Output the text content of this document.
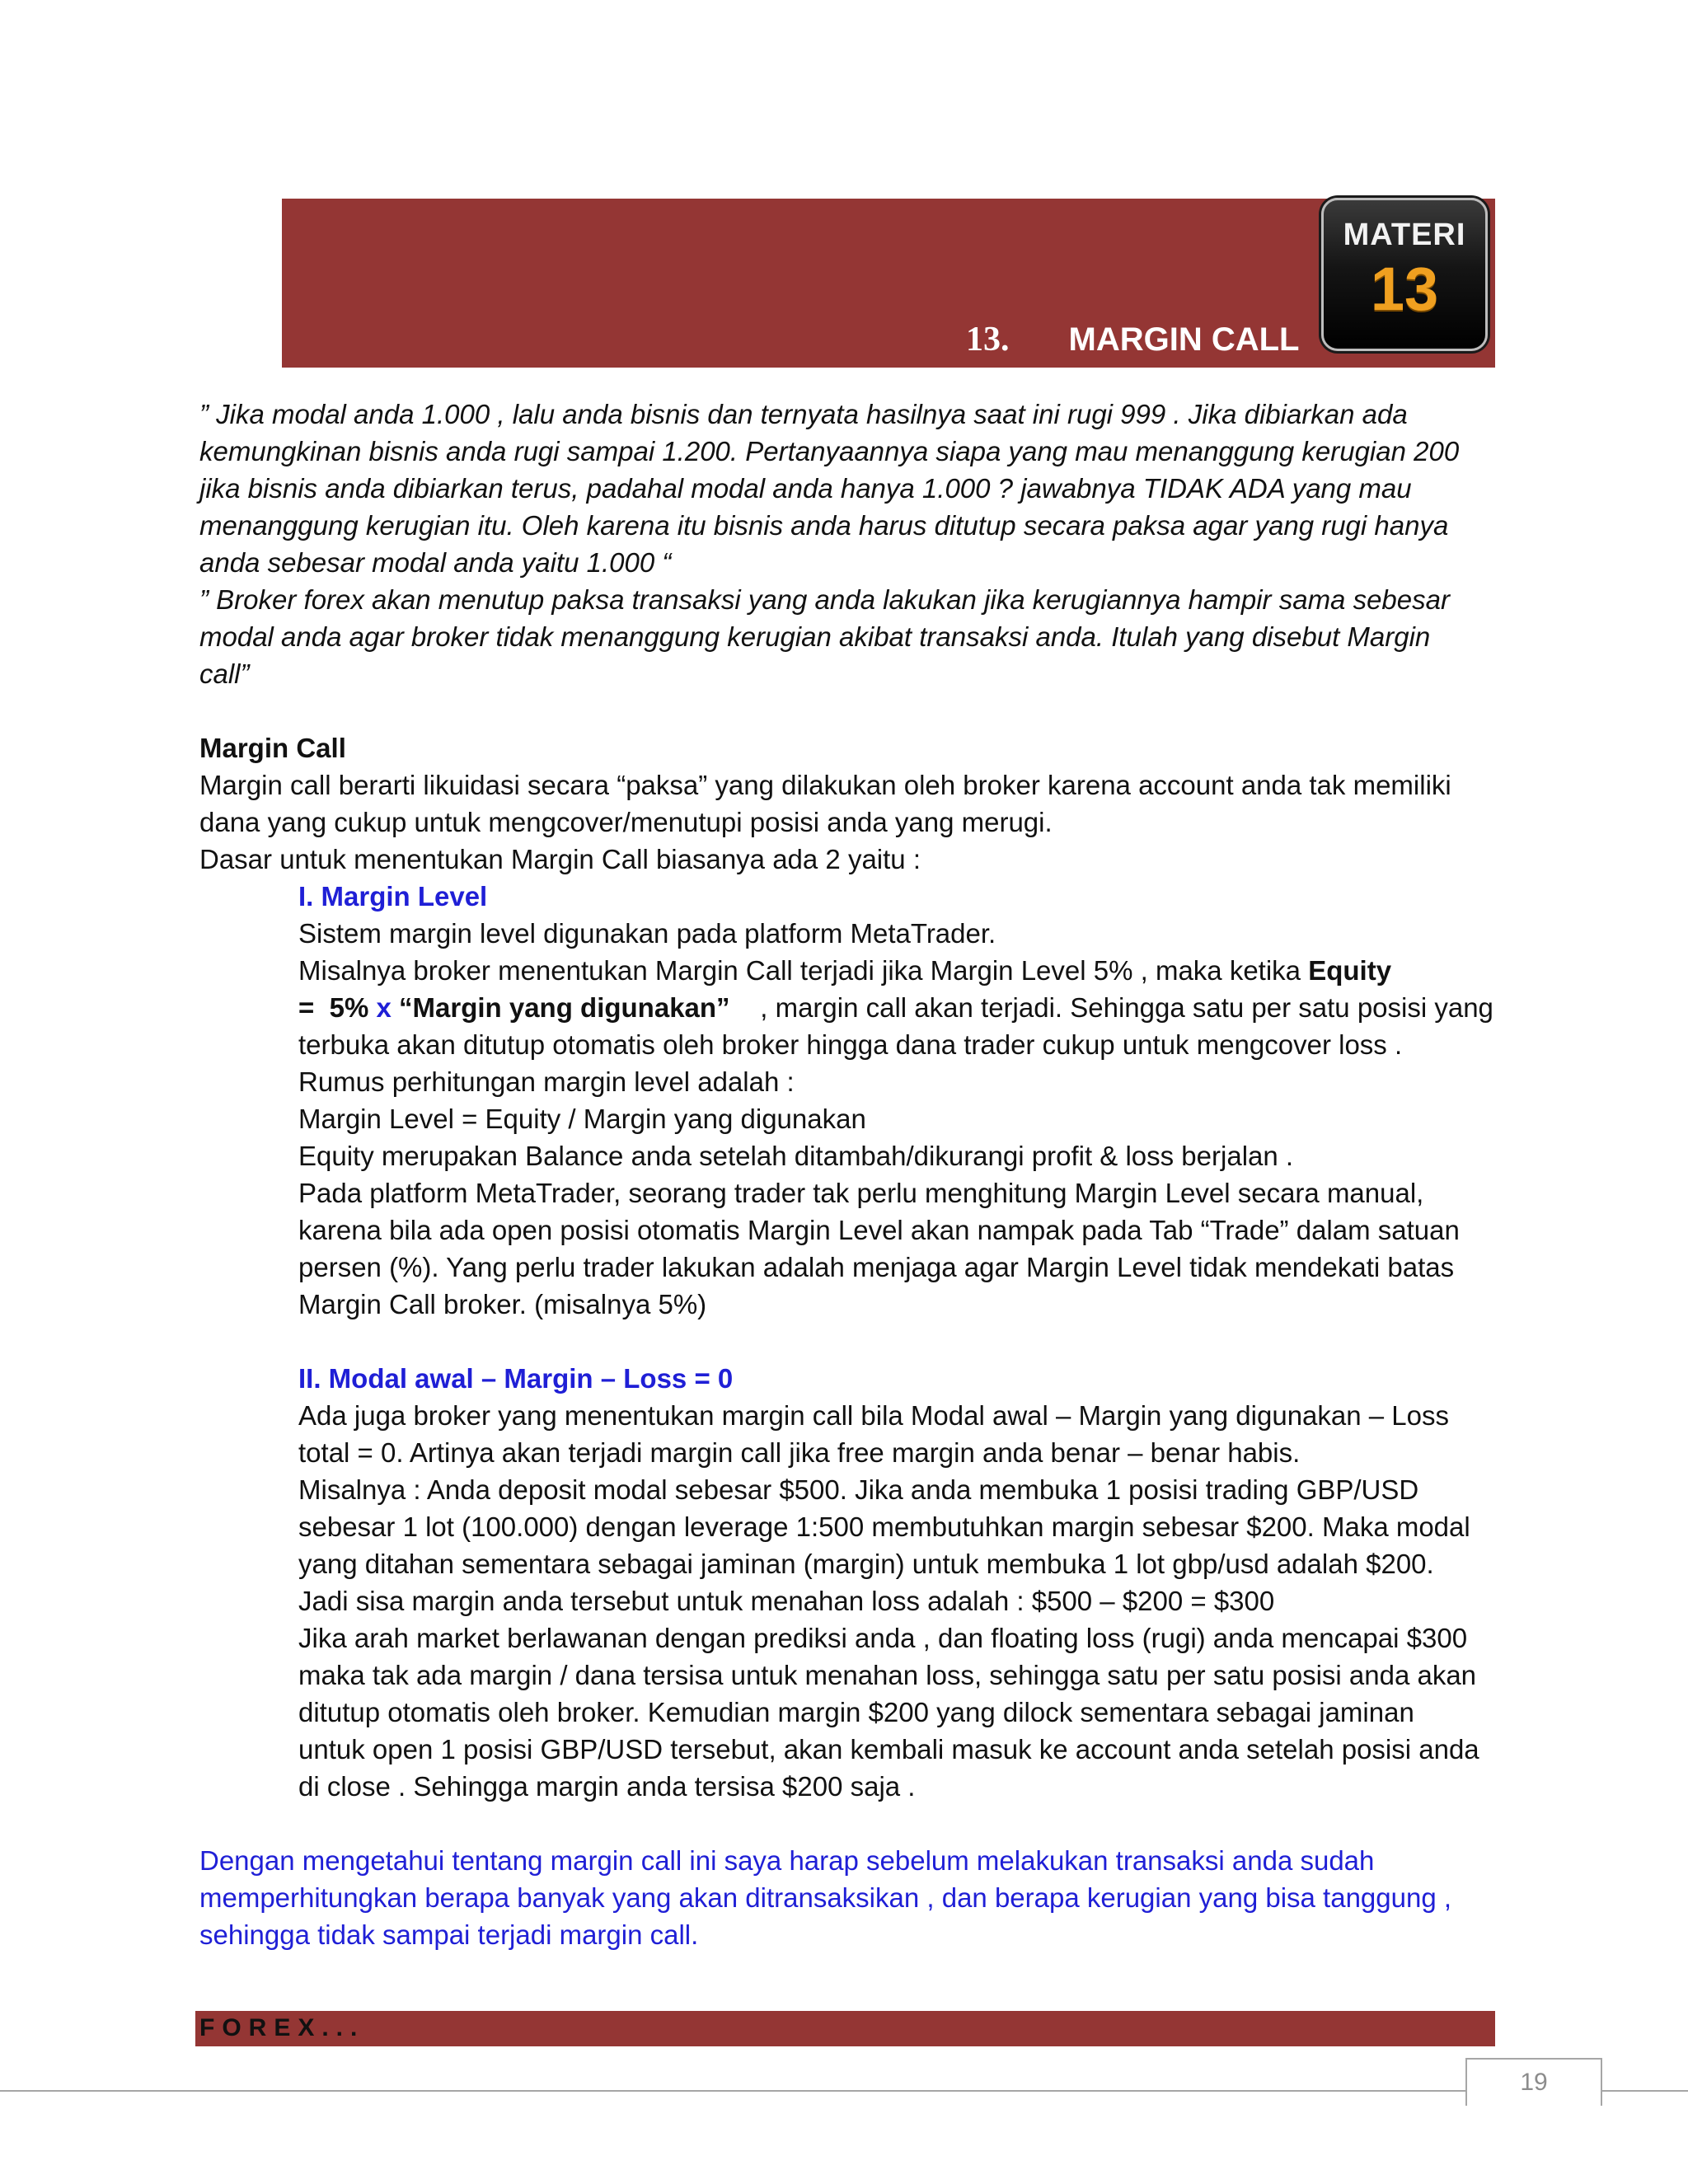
13. MARGIN CALL
MATERI
13
” Jika modal anda 1.000 , lalu anda bisnis dan ternyata hasilnya saat ini rugi 999 . Jika dibiarkan ada
kemungkinan bisnis anda rugi sampai 1.200. Pertanyaannya siapa yang mau menanggung kerugian 200
jika bisnis anda dibiarkan terus, padahal modal anda hanya 1.000 ? jawabnya TIDAK ADA yang mau
menanggung kerugian itu. Oleh karena itu bisnis anda harus ditutup secara paksa agar yang rugi hanya
anda sebesar modal anda yaitu 1.000 “
” Broker forex akan menutup paksa transaksi yang anda lakukan jika kerugiannya hampir sama sebesar
modal anda agar broker tidak menanggung kerugian akibat transaksi anda. Itulah yang disebut Margin
call”
Margin Call
Margin call berarti likuidasi secara “paksa” yang dilakukan oleh broker karena account anda tak memiliki
dana yang cukup untuk mengcover/menutupi posisi anda yang merugi.
Dasar untuk menentukan Margin Call biasanya ada 2 yaitu :
I. Margin Level
Sistem margin level digunakan pada platform MetaTrader.
Misalnya broker menentukan Margin Call terjadi jika Margin Level 5% , maka ketika Equity
=  5% x “Margin yang digunakan”    , margin call akan terjadi. Sehingga satu per satu posisi yang
terbuka akan ditutup otomatis oleh broker hingga dana trader cukup untuk mengcover loss .
Rumus perhitungan margin level adalah :
Margin Level = Equity / Margin yang digunakan
Equity merupakan Balance anda setelah ditambah/dikurangi profit & loss berjalan .
Pada platform MetaTrader, seorang trader tak perlu menghitung Margin Level secara manual,
karena bila ada open posisi otomatis Margin Level akan nampak pada Tab “Trade” dalam satuan
persen (%). Yang perlu trader lakukan adalah menjaga agar Margin Level tidak mendekati batas
Margin Call broker. (misalnya 5%)
II. Modal awal – Margin – Loss = 0
Ada juga broker yang menentukan margin call bila Modal awal – Margin yang digunakan – Loss
total = 0. Artinya akan terjadi margin call jika free margin anda benar – benar habis.
Misalnya : Anda deposit modal sebesar $500. Jika anda membuka 1 posisi trading GBP/USD
sebesar 1 lot (100.000) dengan leverage 1:500 membutuhkan margin sebesar $200. Maka modal
yang ditahan sementara sebagai jaminan (margin) untuk membuka 1 lot gbp/usd adalah $200.
Jadi sisa margin anda tersebut untuk menahan loss adalah : $500 – $200 = $300
Jika arah market berlawanan dengan prediksi anda , dan floating loss (rugi) anda mencapai $300
maka tak ada margin / dana tersisa untuk menahan loss, sehingga satu per satu posisi anda akan
ditutup otomatis oleh broker. Kemudian margin $200 yang dilock sementara sebagai jaminan
untuk open 1 posisi GBP/USD tersebut, akan kembali masuk ke account anda setelah posisi anda
di close . Sehingga margin anda tersisa $200 saja .
Dengan mengetahui tentang margin call ini saya harap sebelum melakukan transaksi anda sudah
memperhitungkan berapa banyak yang akan ditransaksikan , dan berapa kerugian yang bisa tanggung ,
sehingga tidak sampai terjadi margin call.
FOREX...
19
